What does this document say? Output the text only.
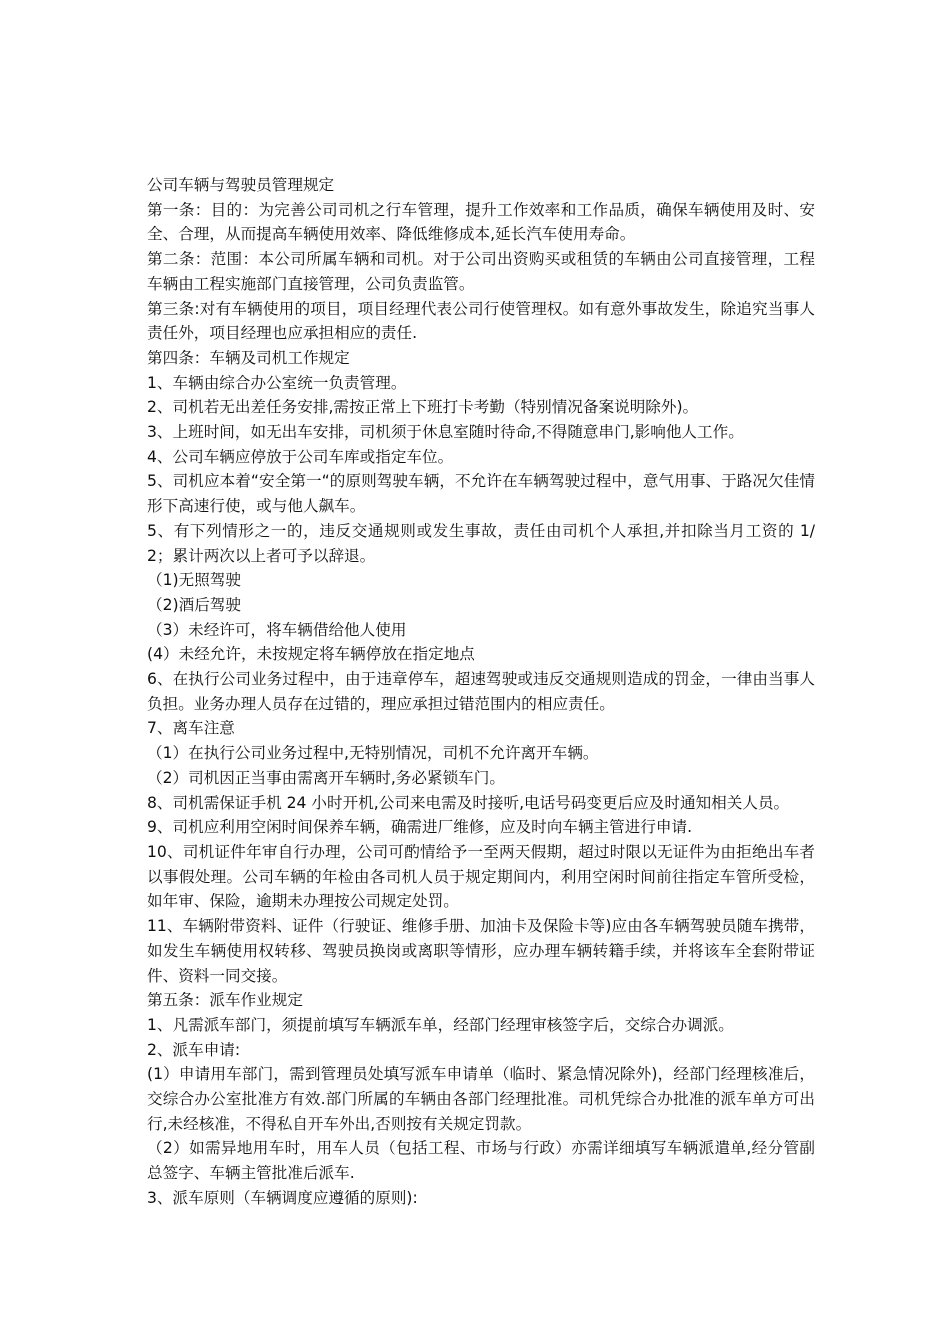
公司车辆与驾驶员管理规定

第一条：目的：为完善公司司机之行车管理，提升工作效率和工作品质，确保车辆使用及时、安全、合理，从而提高车辆使用效率、降低维修成本,延长汽车使用寿命。

第二条：范围：本公司所属车辆和司机。对于公司出资购买或租赁的车辆由公司直接管理，工程车辆由工程实施部门直接管理，公司负责监管。

第三条:对有车辆使用的项目，项目经理代表公司行使管理权。如有意外事故发生，除追究当事人责任外，项目经理也应承担相应的责任.

第四条：车辆及司机工作规定

1、车辆由综合办公室统一负责管理。

2、司机若无出差任务安排,需按正常上下班打卡考勤（特别情况备案说明除外)。

3、上班时间，如无出车安排，司机须于休息室随时待命,不得随意串门,影响他人工作。

4、公司车辆应停放于公司车库或指定车位。

5、司机应本着“安全第一“的原则驾驶车辆，不允许在车辆驾驶过程中，意气用事、于路况欠佳情形下高速行使，或与他人飙车。

5、有下列情形之一的，违反交通规则或发生事故，责任由司机个人承担,并扣除当月工资的 1/2；累计两次以上者可予以辞退。

（1)无照驾驶

（2)酒后驾驶

（3）未经许可，将车辆借给他人使用

(4）未经允许，未按规定将车辆停放在指定地点

6、在执行公司业务过程中，由于违章停车，超速驾驶或违反交通规则造成的罚金，一律由当事人负担。业务办理人员存在过错的，理应承担过错范围内的相应责任。

7、离车注意

（1）在执行公司业务过程中,无特别情况，司机不允许离开车辆。

（2）司机因正当事由需离开车辆时,务必紧锁车门。

8、司机需保证手机 24 小时开机,公司来电需及时接听,电话号码变更后应及时通知相关人员。

9、司机应利用空闲时间保养车辆，确需进厂维修，应及时向车辆主管进行申请.

10、司机证件年审自行办理，公司可酌情给予一至两天假期，超过时限以无证件为由拒绝出车者以事假处理。公司车辆的年检由各司机人员于规定期间内，利用空闲时间前往指定车管所受检，如年审、保险，逾期未办理按公司规定处罚。

11、车辆附带资料、证件（行驶证、维修手册、加油卡及保险卡等)应由各车辆驾驶员随车携带，如发生车辆使用权转移、驾驶员换岗或离职等情形，应办理车辆转籍手续，并将该车全套附带证件、资料一同交接。

第五条：派车作业规定

1、凡需派车部门，须提前填写车辆派车单，经部门经理审核签字后，交综合办调派。

2、派车申请:

(1）申请用车部门，需到管理员处填写派车申请单（临时、紧急情况除外)，经部门经理核准后，交综合办公室批准方有效.部门所属的车辆由各部门经理批准。司机凭综合办批准的派车单方可出行,未经核准，不得私自开车外出,否则按有关规定罚款。

（2）如需异地用车时，用车人员（包括工程、市场与行政）亦需详细填写车辆派遣单,经分管副总签字、车辆主管批准后派车.

3、派车原则（车辆调度应遵循的原则):
